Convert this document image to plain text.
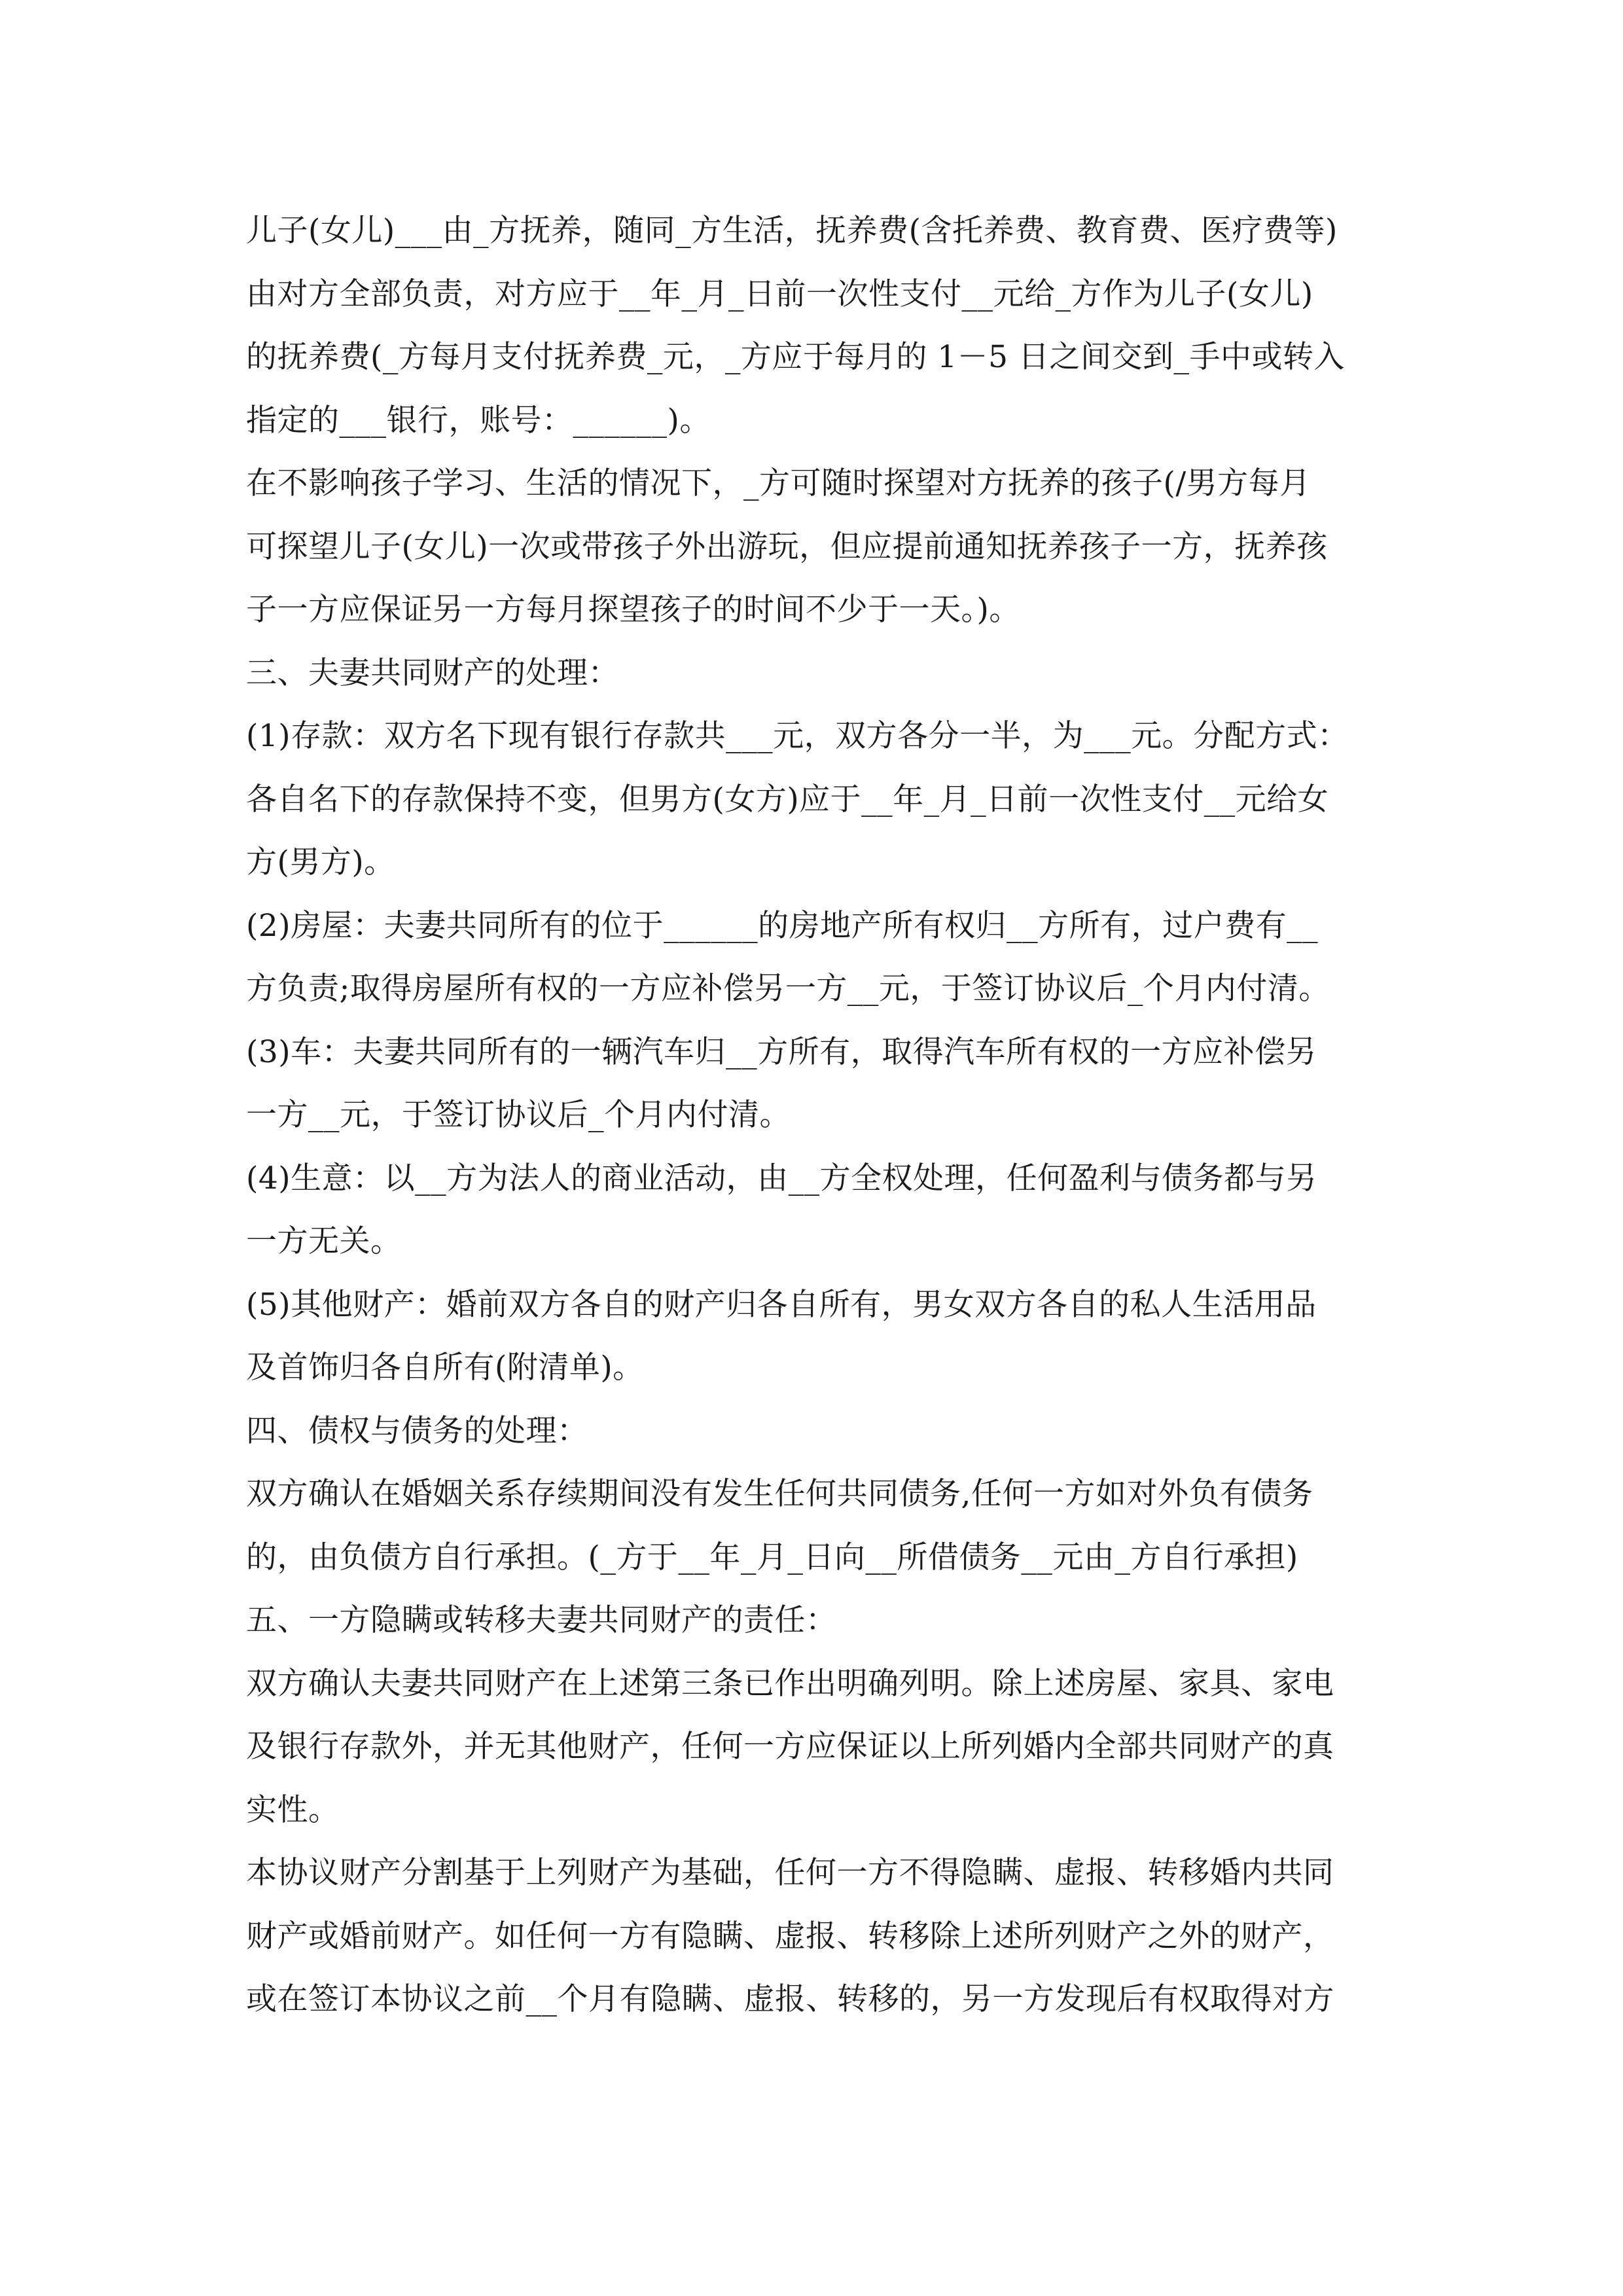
儿子(女儿)___由_方抚养，随同_方生活，抚养费(含托养费、教育费、医疗费等)
由对方全部负责，对方应于__年_月_日前一次性支付__元给_方作为儿子(女儿)
的抚养费(_方每月支付抚养费_元，_方应于每月的 1－5 日之间交到_手中或转入
指定的___银行，账号：______)。
在不影响孩子学习、生活的情况下，_方可随时探望对方抚养的孩子(/男方每月
可探望儿子(女儿)一次或带孩子外出游玩，但应提前通知抚养孩子一方，抚养孩
子一方应保证另一方每月探望孩子的时间不少于一天。)。
三、夫妻共同财产的处理：
(1)存款：双方名下现有银行存款共___元，双方各分一半，为___元。分配方式：
各自名下的存款保持不变，但男方(女方)应于__年_月_日前一次性支付__元给女
方(男方)。
(2)房屋：夫妻共同所有的位于______的房地产所有权归__方所有，过户费有__
方负责;取得房屋所有权的一方应补偿另一方__元，于签订协议后_个月内付清。
(3)车：夫妻共同所有的一辆汽车归__方所有，取得汽车所有权的一方应补偿另
一方__元，于签订协议后_个月内付清。
(4)生意：以__方为法人的商业活动，由__方全权处理，任何盈利与债务都与另
一方无关。
(5)其他财产：婚前双方各自的财产归各自所有，男女双方各自的私人生活用品
及首饰归各自所有(附清单)。
四、债权与债务的处理：
双方确认在婚姻关系存续期间没有发生任何共同债务,任何一方如对外负有债务
的，由负债方自行承担。(_方于__年_月_日向__所借债务__元由_方自行承担)
五、一方隐瞒或转移夫妻共同财产的责任：
双方确认夫妻共同财产在上述第三条已作出明确列明。除上述房屋、家具、家电
及银行存款外，并无其他财产，任何一方应保证以上所列婚内全部共同财产的真
实性。
本协议财产分割基于上列财产为基础，任何一方不得隐瞒、虚报、转移婚内共同
财产或婚前财产。如任何一方有隐瞒、虚报、转移除上述所列财产之外的财产，
或在签订本协议之前__个月有隐瞒、虚报、转移的，另一方发现后有权取得对方
